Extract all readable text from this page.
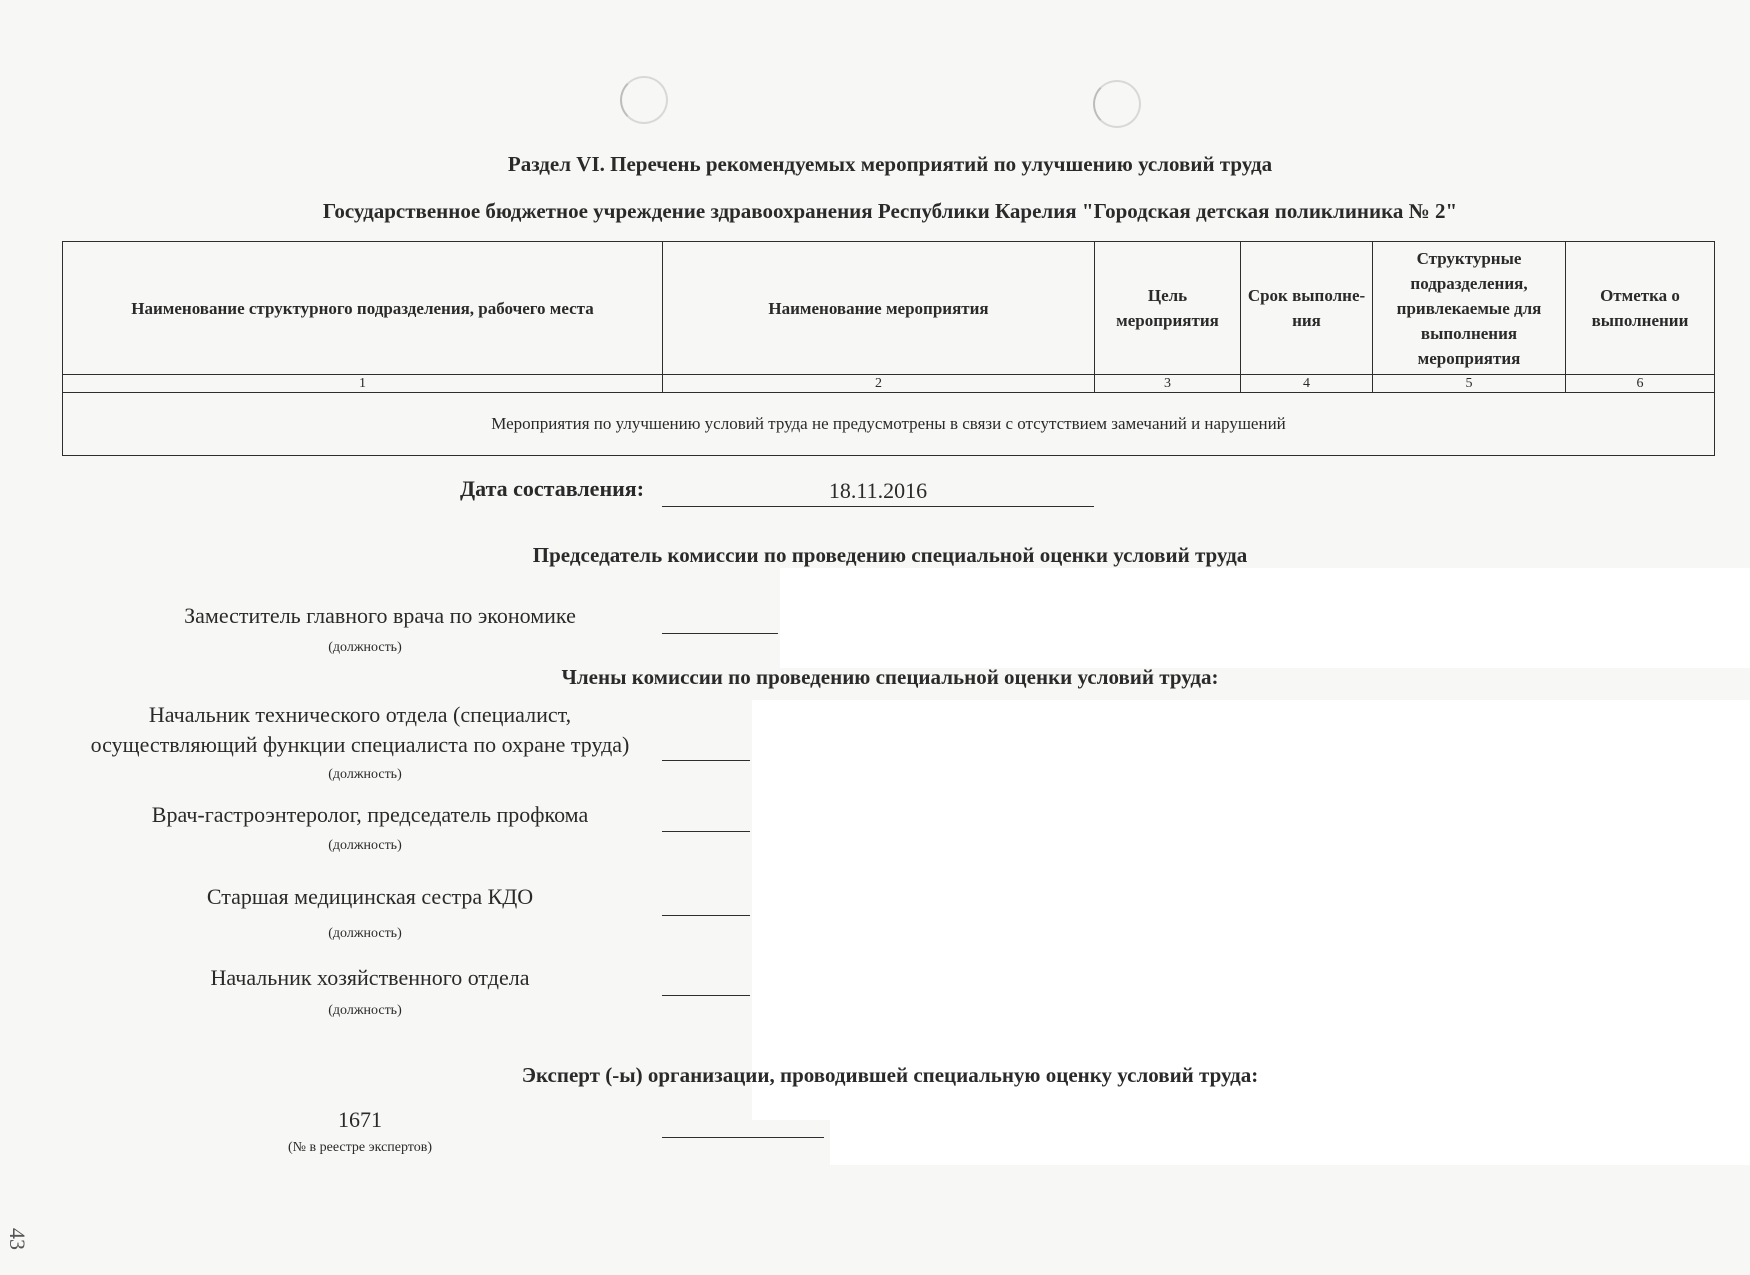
Раздел VI. Перечень рекомендуемых мероприятий по улучшению условий труда
Государственное бюджетное учреждение здравоохранения Республики Карелия "Городская детская поликлиника № 2"
Наименование структурного подразделения, рабочего места	Наименование мероприятия	Цель мероприятия	Срок выполне-ния	Структурные подразделения, привлекаемые для выполнения мероприятия	Отметка о выполнении
1	2	3	4	5	6
Мероприятия по улучшению условий труда не предусмотрены в связи с отсутствием замечаний и нарушений					
Дата составления:	18.11.2016
Председатель комиссии по проведению специальной оценки условий труда
Заместитель главного врача по экономике
(должность)
Члены комиссии по проведению специальной оценки условий труда:
Начальник технического отдела (специалист,
осуществляющий функции специалиста по охране труда)
(должность)
Врач-гастроэнтеролог, председатель профкома
(должность)
Старшая медицинская сестра КДО
(должность)
Начальник хозяйственного отдела
(должность)
Эксперт (-ы) организации, проводившей специальную оценку условий труда:
1671
(№ в реестре экспертов)
43
